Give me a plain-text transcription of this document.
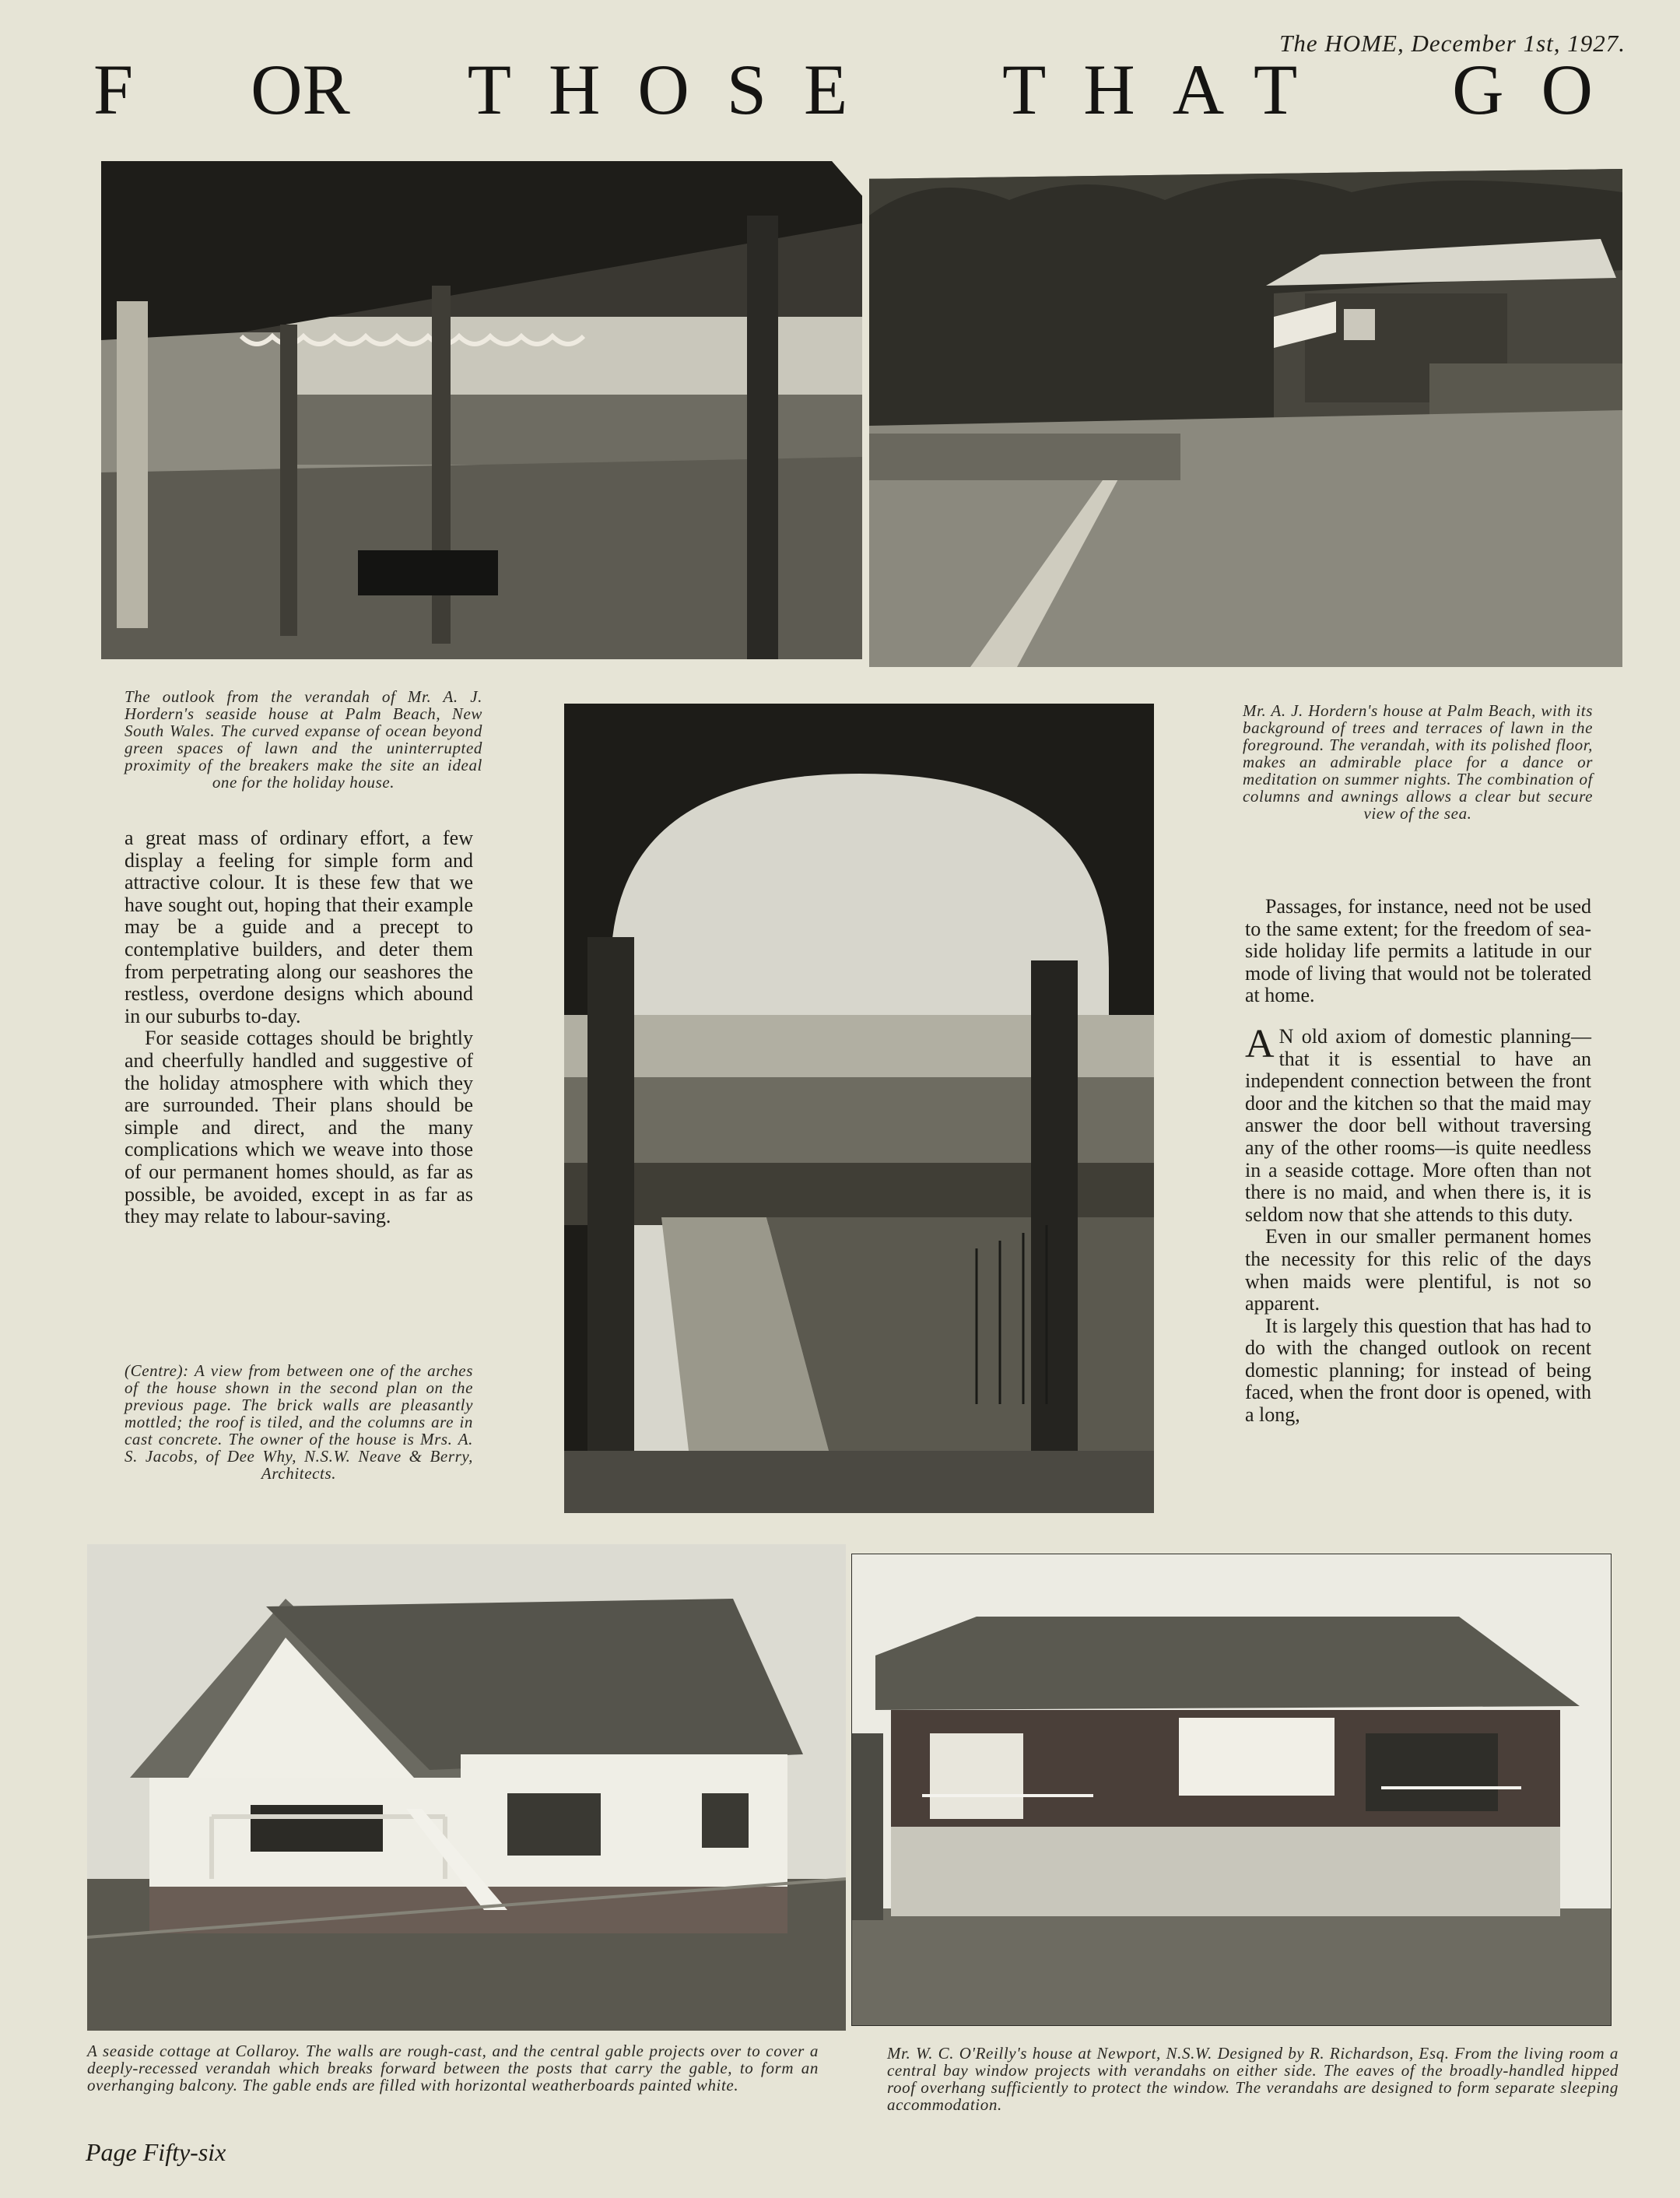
The HOME, December 1st, 1927.
F OR THOSE THAT GO
The outlook from the verandah of Mr. A. J. Hordern's seaside house at Palm Beach, New South Wales. The curved expanse of ocean beyond green spaces of lawn and the uninterrupted proximity of the breakers make the site an ideal one for the holiday house.
Mr. A. J. Hordern's house at Palm Beach, with its background of trees and terraces of lawn in the foreground. The verandah, with its polished floor, makes an admirable place for a dance or meditation on summer nights. The combination of columns and awnings allows a clear but secure view of the sea.

a great mass of ordinary effort, a few display a feeling for simple form and attractive colour. It is these few that we have sought out, hoping that their example may be a guide and a precept to contemplative builders, and deter them from perpetrating along our seashores the restless, overdone designs which abound in our suburbs to-day.

For seaside cottages should be brightly and cheerfully handled and suggestive of the holiday atmosphere with which they are surrounded. Their plans should be simple and direct, and the many complications which we weave into those of our permanent homes should, as far as possible, be avoided, except in as far as they may relate to labour-saving.

(Centre): A view from between one of the arches of the house shown in the second plan on the previous page. The brick walls are pleasantly mottled; the roof is tiled, and the columns are in cast concrete. The owner of the house is Mrs. A. S. Jacobs, of Dee Why, N.S.W. Neave & Berry, Architects.

Passages, for instance, need not be used to the same extent; for the freedom of sea-side holiday life permits a latitude in our mode of living that would not be tolerated at home.

A N old axiom of domestic planning—that it is essential to have an independent connection between the front door and the kitchen so that the maid may answer the door bell without traversing any of the other rooms—is quite needless in a seaside cottage. More often than not there is no maid, and when there is, it is seldom now that she attends to this duty.

Even in our smaller permanent homes the necessity for this relic of the days when maids were plentiful, is not so apparent.

It is largely this question that has had to do with the changed outlook on recent domestic planning; for instead of being faced, when the front door is opened, with a long,

A seaside cottage at Collaroy. The walls are rough-cast, and the central gable projects over to cover a deeply-recessed verandah which breaks forward between the posts that carry the gable, to form an overhanging balcony. The gable ends are filled with horizontal weatherboards painted white.
Mr. W. C. O'Reilly's house at Newport, N.S.W. Designed by R. Richardson, Esq. From the living room a central bay window projects with verandahs on either side. The eaves of the broadly-handled hipped roof overhang sufficiently to protect the window. The verandahs are designed to form separate sleeping accommodation.
Page Fifty-six
